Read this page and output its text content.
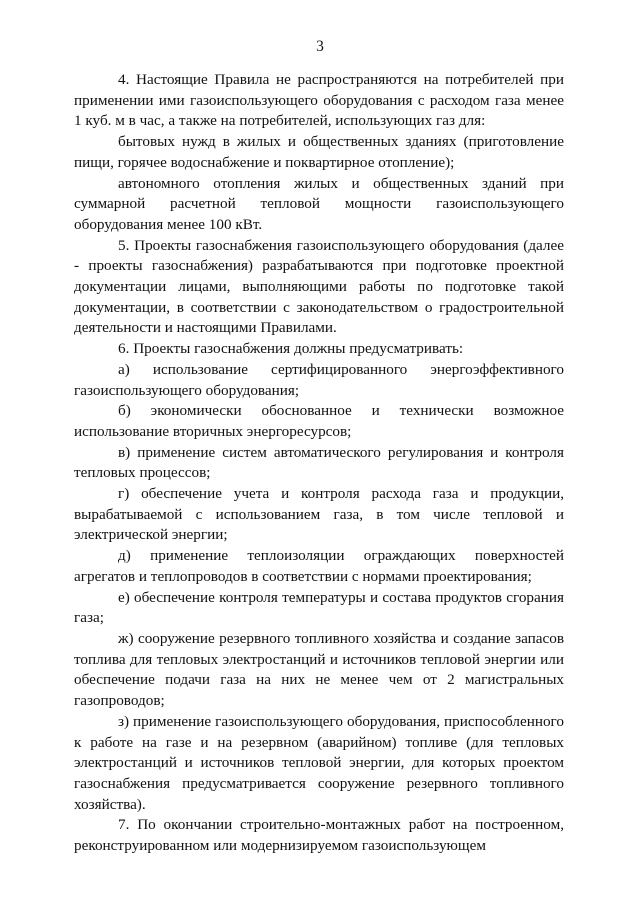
3

4. Настоящие Правила не распространяются на потребителей при применении ими газоиспользующего оборудования с расходом газа менее 1 куб. м в час, а также на потребителей, использующих газ для:

бытовых нужд в жилых и общественных зданиях (приготовление пищи, горячее водоснабжение и поквартирное отопление);

автономного отопления жилых и общественных зданий при суммарной расчетной тепловой мощности газоиспользующего оборудования менее 100 кВт.

5. Проекты газоснабжения газоиспользующего оборудования (далее - проекты газоснабжения) разрабатываются при подготовке проектной документации лицами, выполняющими работы по подготовке такой документации, в соответствии с законодательством о градостроительной деятельности и настоящими Правилами.

6. Проекты газоснабжения должны предусматривать:

а) использование сертифицированного энергоэффективного газоиспользующего оборудования;

б) экономически обоснованное и технически возможное использование вторичных энергоресурсов;

в) применение систем автоматического регулирования и контроля тепловых процессов;

г) обеспечение учета и контроля расхода газа и продукции, вырабатываемой с использованием газа, в том числе тепловой и электрической энергии;

д) применение теплоизоляции ограждающих поверхностей агрегатов и теплопроводов в соответствии с нормами проектирования;

е) обеспечение контроля температуры и состава продуктов сгорания газа;

ж) сооружение резервного топливного хозяйства и создание запасов топлива для тепловых электростанций и источников тепловой энергии или обеспечение подачи газа на них не менее чем от 2 магистральных газопроводов;

з) применение газоиспользующего оборудования, приспособленного к работе на газе и на резервном (аварийном) топливе (для тепловых электростанций и источников тепловой энергии, для которых проектом газоснабжения предусматривается сооружение резервного топливного хозяйства).

7. По окончании строительно-монтажных работ на построенном, реконструированном или модернизируемом газоиспользующем
